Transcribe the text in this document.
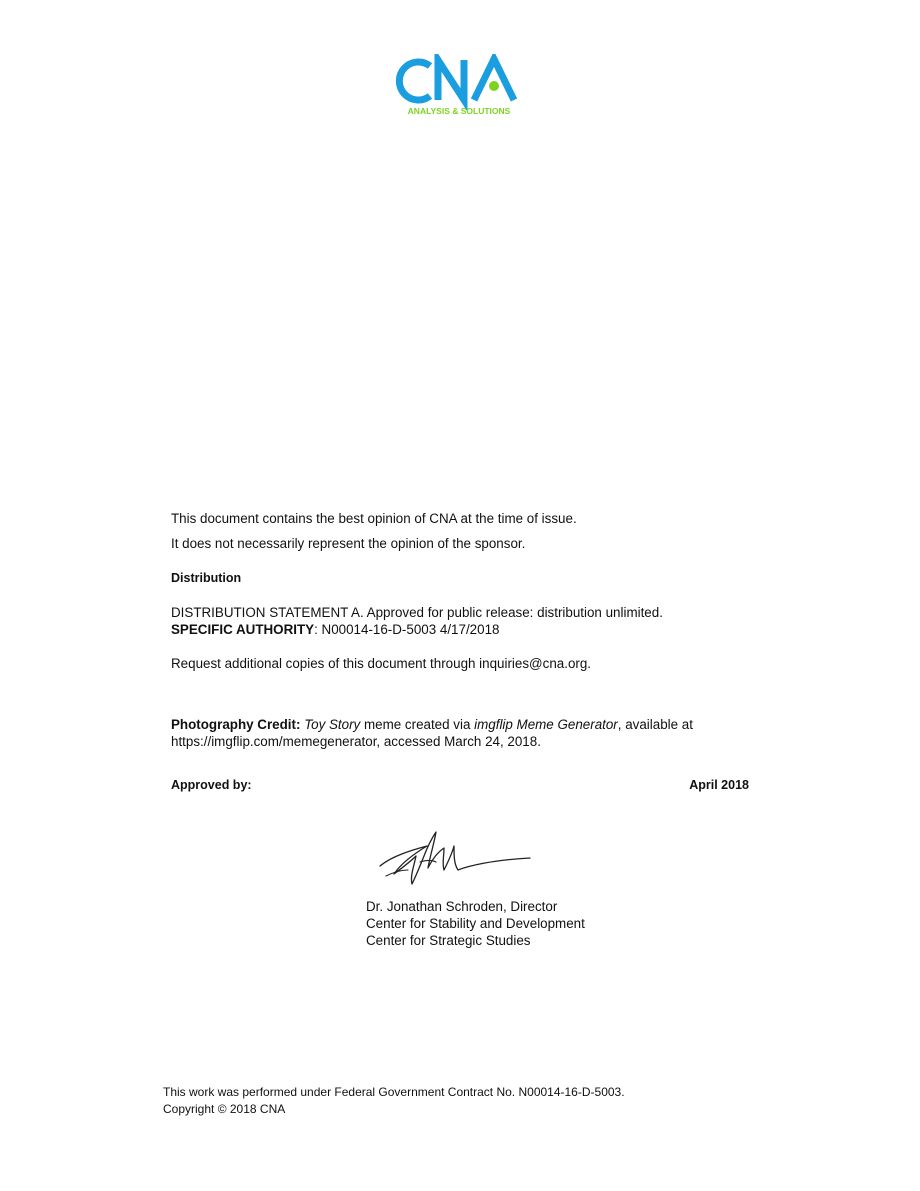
ANALYSIS & SOLUTIONS
This document contains the best opinion of CNA at the time of issue.
It does not necessarily represent the opinion of the sponsor.
Distribution
DISTRIBUTION STATEMENT A. Approved for public release: distribution unlimited.
SPECIFIC AUTHORITY: N00014-16-D-5003 4/17/2018
Request additional copies of this document through inquiries@cna.org.
Photography Credit: Toy Story meme created via imgflip Meme Generator, available at
https://imgflip.com/memegenerator, accessed March 24, 2018.
Approved by:	April 2018
Dr. Jonathan Schroden, Director
Center for Stability and Development
Center for Strategic Studies
This work was performed under Federal Government Contract No. N00014-16-D-5003.
Copyright © 2018 CNA
